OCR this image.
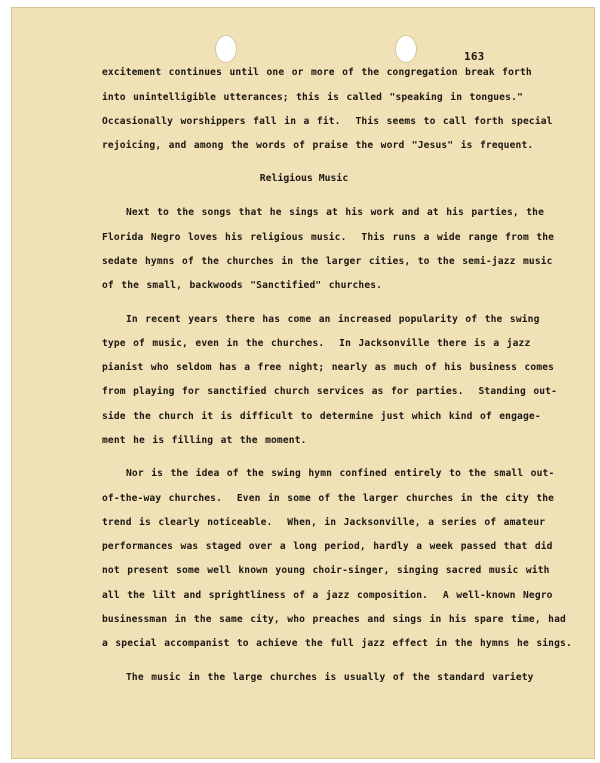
163
excitement continues until one or more of the congregation break forth
into unintelligible utterances; this is called "speaking in tongues."
Occasionally worshippers fall in a fit.  This seems to call forth special
rejoicing, and among the words of praise the word "Jesus" is frequent.
Religious Music
Next to the songs that he sings at his work and at his parties, the
Florida Negro loves his religious music.  This runs a wide range from the
sedate hymns of the churches in the larger cities, to the semi-jazz music
of the small, backwoods "Sanctified" churches.
In recent years there has come an increased popularity of the swing
type of music, even in the churches.  In Jacksonville there is a jazz
pianist who seldom has a free night; nearly as much of his business comes
from playing for sanctified church services as for parties.  Standing out-
side the church it is difficult to determine just which kind of engage-
ment he is filling at the moment.
Nor is the idea of the swing hymn confined entirely to the small out-
of-the-way churches.  Even in some of the larger churches in the city the
trend is clearly noticeable.  When, in Jacksonville, a series of amateur
performances was staged over a long period, hardly a week passed that did
not present some well known young choir-singer, singing sacred music with
all the lilt and sprightliness of a jazz composition.  A well-known Negro
businessman in the same city, who preaches and sings in his spare time, had
a special accompanist to achieve the full jazz effect in the hymns he sings.
The music in the large churches is usually of the standard variety
